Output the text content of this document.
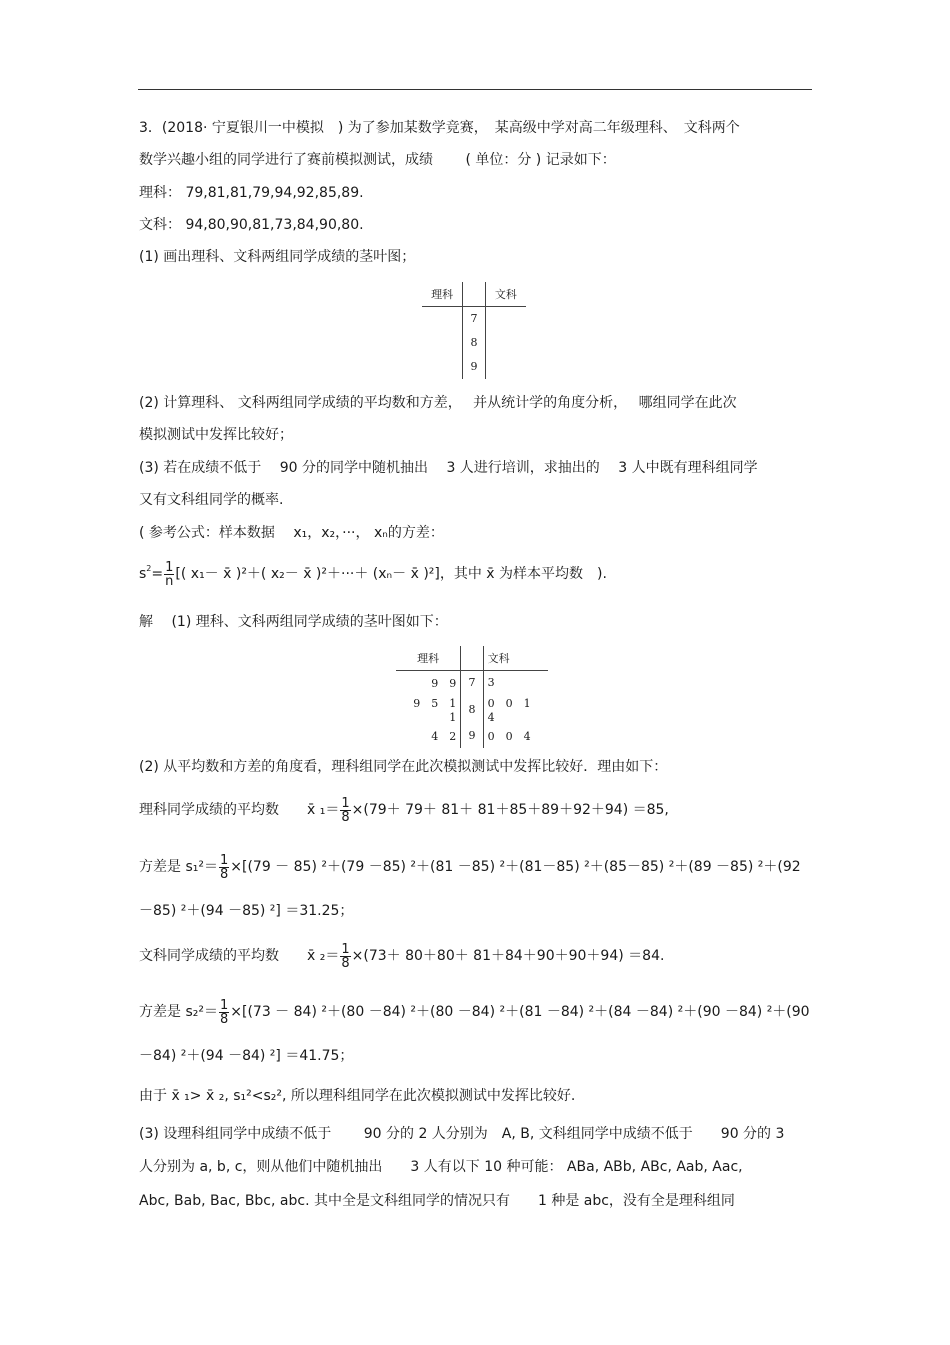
3．(2018· 宁夏银川一中模拟　) 为了参加某数学竞赛，　某高级中学对高二年级理科、　文科两个
数学兴趣小组的同学进行了赛前模拟测试，成绩　　 ( 单位：分 ) 记录如下：
理科： 79,81,81,79,94,92,85,89.
文科： 94,80,90,81,73,84,90,80.
(1) 画出理科、文科两组同学成绩的茎叶图；
理科		文科
	7	
	8	
	9	
(2) 计算理科、 文科两组同学成绩的平均数和方差，　 并从统计学的角度分析，　 哪组同学在此次
模拟测试中发挥比较好；
(3) 若在成绩不低于　 90 分的同学中随机抽出　 3 人进行培训，求抽出的　 3 人中既有理科组同学
又有文科组同学的概率.
( 参考公式：样本数据　 x₁，x₂，···， xₙ的方差：
$s^2= \frac{1}{n}$ [( x₁－ x̄ )²＋( x₂－ x̄ )²＋···＋ (xₙ－ x̄ )²]，其中 x̄ 为样本平均数　).
解　 (1) 理科、文科两组同学成绩的茎叶图如下：
理科		文科
9　9	7	3
9　5　1　1	8	0　0　1　4
4　2	9	0　0　4
(2) 从平均数和方差的角度看，理科组同学在此次模拟测试中发挥比较好．理由如下：
理科同学成绩的平均数　　 x̄ $_1= \frac{1}{8} \times(79+ 79+ 81+ 81+85+89+92+94) =85$,
方差是 $s_1^2= \frac{1}{8} \times[(79 - 85)$ ²＋(79 －85) ²＋(81 －85) ²＋(81－85) ²＋(85－85) ²＋(89 －85) ²＋(92
－85) ²＋(94 －85) ²] ＝31.25；
文科同学成绩的平均数　　 x̄ $_2= \frac{1}{8} \times(73+ 80+80+ 81+84+90+90+94) =84$.
方差是 $s_2^2= \frac{1}{8} \times[(73 - 84)$ ²＋(80 －84) ²＋(80 －84) ²＋(81 －84) ²＋(84 －84) ²＋(90 －84) ²＋(90
－84) ²＋(94 －84) ²] ＝41.75；
由于 x̄ ₁> x̄ ₂, s₁²<s₂², 所以理科组同学在此次模拟测试中发挥比较好.
(3) 设理科组同学中成绩不低于　　 90 分的 2 人分别为　A, B, 文科组同学中成绩不低于　　90 分的 3
人分别为 a, b, c，则从他们中随机抽出　　3 人有以下 10 种可能： ABa, ABb, ABc, Aab, Aac,
Abc, Bab, Bac, Bbc, abc. 其中全是文科组同学的情况只有　　1 种是 abc，没有全是理科组同
